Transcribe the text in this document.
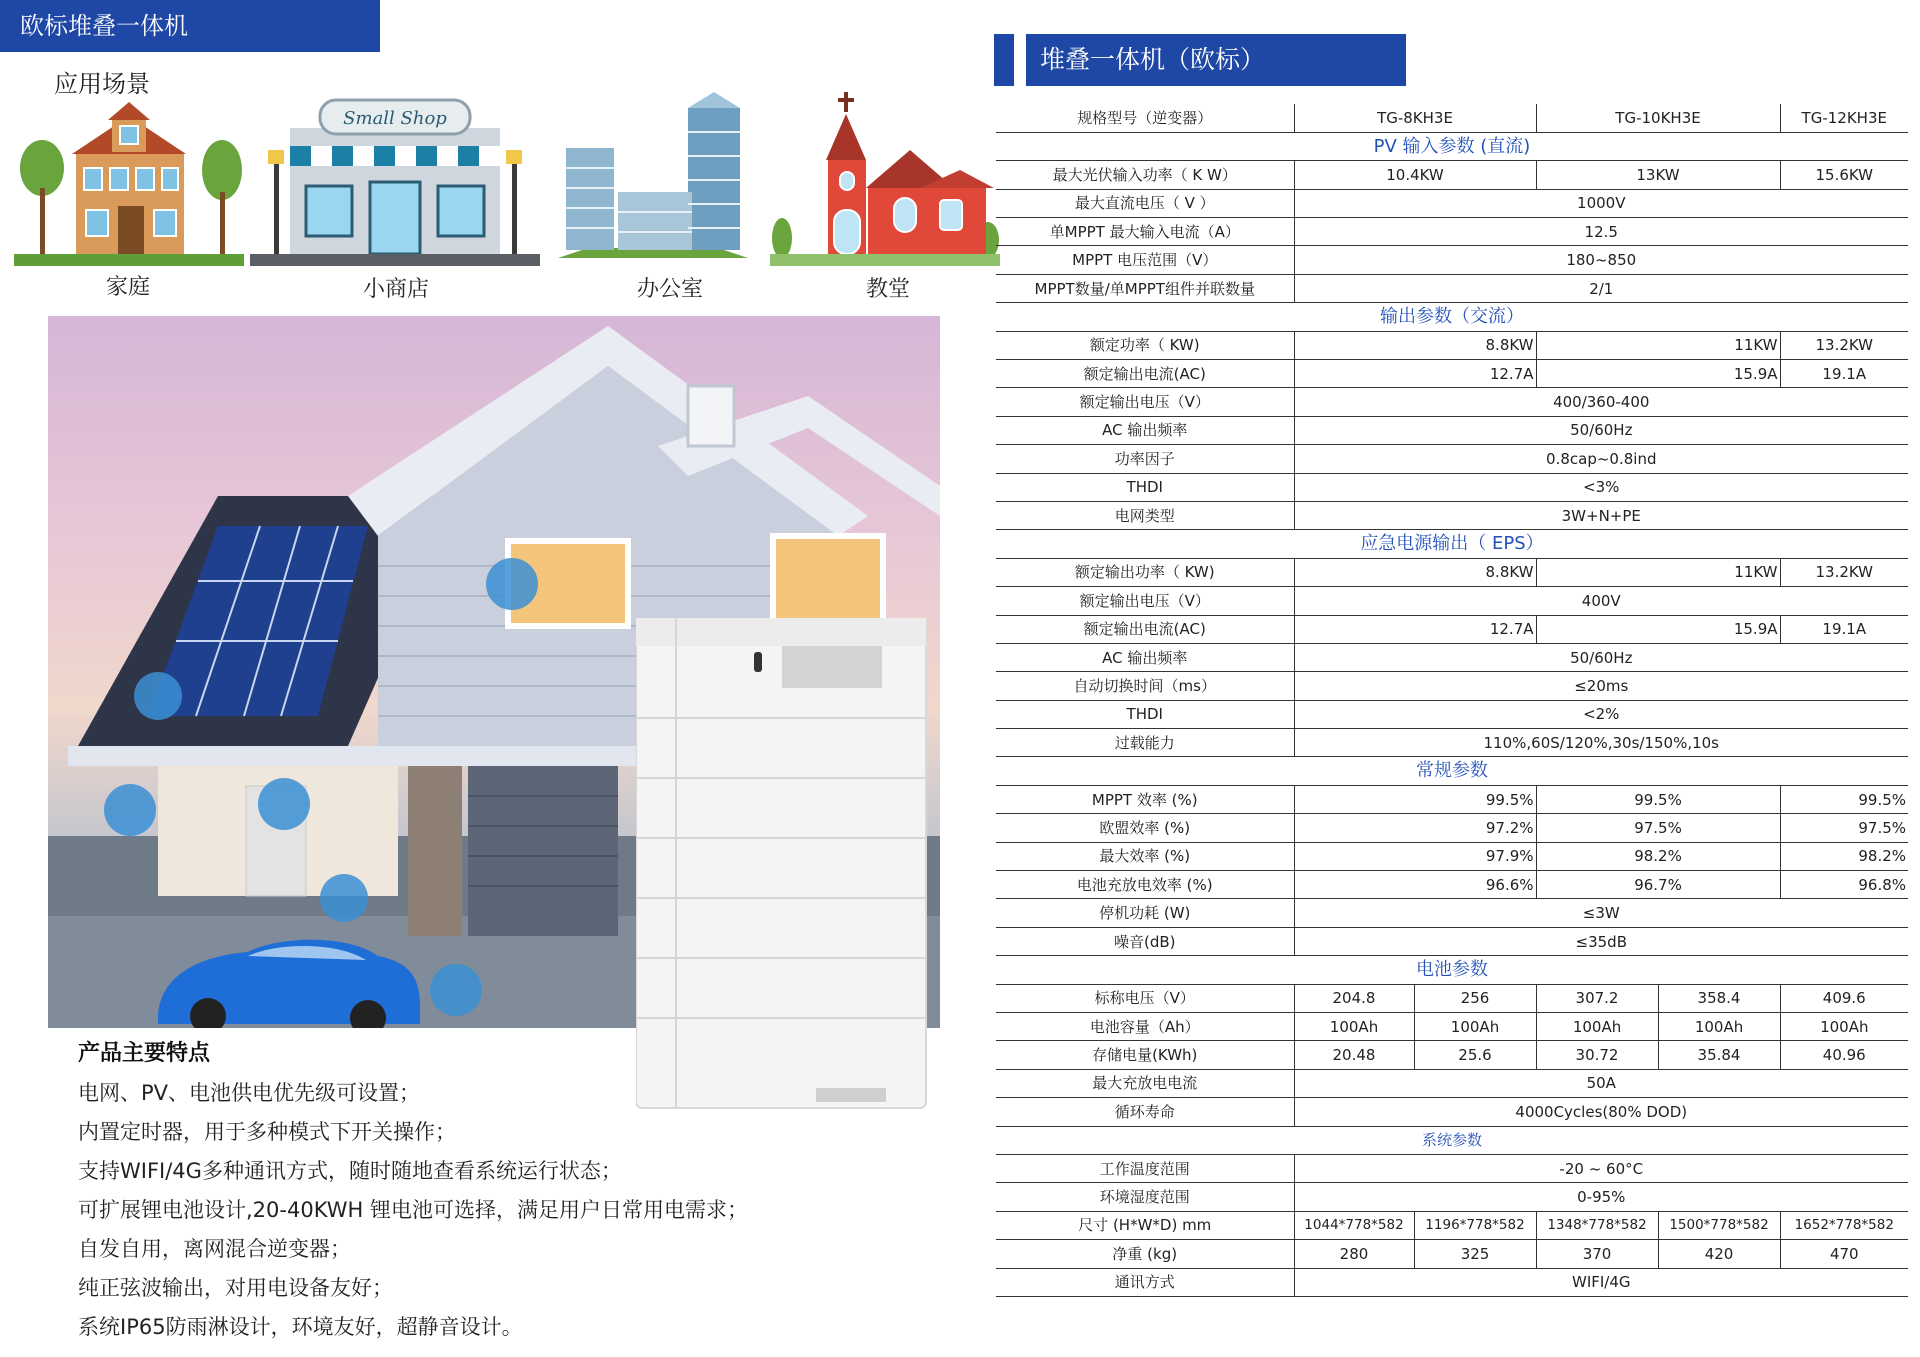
欧标堆叠一体机
应用场景
家庭
Small Shop
小商店	办公室	教堂
产品主要特点
电网、PV、电池供电优先级可设置；
内置定时器，用于多种模式下开关操作；
支持WIFI/4G多种通讯方式，随时随地查看系统运行状态；
可扩展锂电池设计,20-40KWH 锂电池可选择，满足用户日常用电需求；
自发自用，离网混合逆变器；
纯正弦波输出，对用电设备友好；
系统IP65防雨淋设计，环境友好，超静音设计。
堆叠一体机（欧标）
规格型号（逆变器）	TG-8KH3E		TG-10KH3E		TG-12KH3E
PV 输入参数 (直流)					
最大光伏输入功率（ K W）	10.4KW		13KW		15.6KW
最大直流电压（ V ）	1000V				
单MPPT 最大输入电流（A）	12.5				
MPPT 电压范围（V）	180~850				
MPPT数量/单MPPT组件并联数量	2/1				
输出参数（交流）					
额定功率（ KW)	8.8KW		11KW		13.2KW
额定输出电流(AC)	12.7A		15.9A		19.1A
额定输出电压（V）	400/360-400				
AC 输出频率	50/60Hz				
功率因子	0.8cap~0.8ind				
THDI	<3%				
电网类型	3W+N+PE				
应急电源输出（ EPS）					
额定输出功率（ KW)	8.8KW		11KW		13.2KW
额定输出电压（V）	400V				
额定输出电流(AC)	12.7A		15.9A		19.1A
AC 输出频率	50/60Hz				
自动切换时间（ms）	≤20ms				
THDI	<2%				
过载能力	110%,60S/120%,30s/150%,10s				
常规参数					
MPPT 效率 (%)	99.5%		99.5%		99.5%
欧盟效率 (%)	97.2%		97.5%		97.5%
最大效率 (%)	97.9%		98.2%		98.2%
电池充放电效率 (%)	96.6%		96.7%		96.8%
停机功耗 (W)	≤3W				
噪音(dB)	≤35dB				
电池参数					
标称电压（V）	204.8	256	307.2	358.4	409.6
电池容量（Ah）	100Ah	100Ah	100Ah	100Ah	100Ah
存储电量(KWh)	20.48	25.6	30.72	35.84	40.96
最大充放电电流	50A				
循环寿命	4000Cycles(80% DOD)				
系统参数					
工作温度范围	-20 ~ 60°C				
环境湿度范围	0-95%				
尺寸 (H*W*D) mm	1044*778*582	1196*778*582	1348*778*582	1500*778*582	1652*778*582
净重 (kg)	280	325	370	420	470
通讯方式	WIFI/4G				
